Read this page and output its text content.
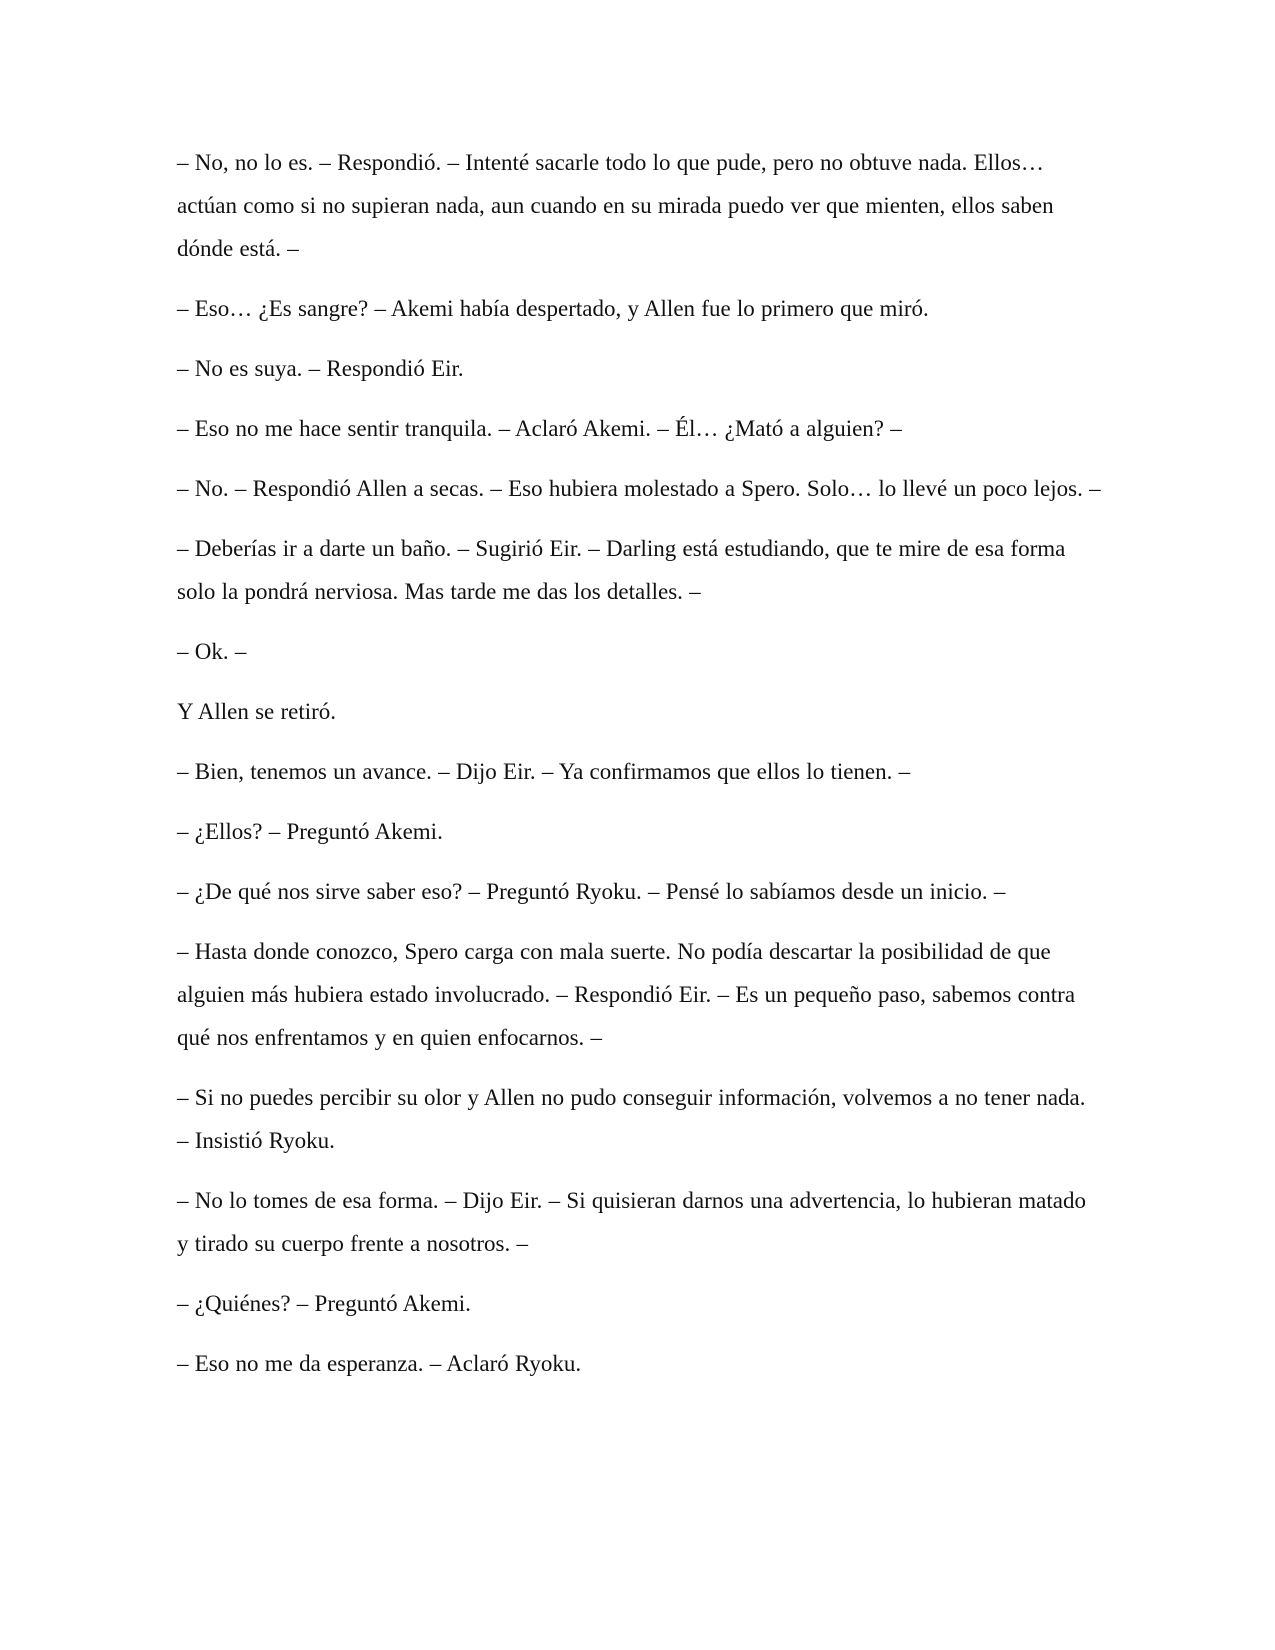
– No, no lo es. – Respondió. – Intenté sacarle todo lo que pude, pero no obtuve nada. Ellos… actúan como si no supieran nada, aun cuando en su mirada puedo ver que mienten, ellos saben dónde está. –

– Eso… ¿Es sangre? – Akemi había despertado, y Allen fue lo primero que miró.

– No es suya. – Respondió Eir.

– Eso no me hace sentir tranquila. – Aclaró Akemi. – Él… ¿Mató a alguien? –

– No. – Respondió Allen a secas. – Eso hubiera molestado a Spero. Solo… lo llevé un poco lejos. –

– Deberías ir a darte un baño. – Sugirió Eir. – Darling está estudiando, que te mire de esa forma solo la pondrá nerviosa. Mas tarde me das los detalles. –

– Ok. –

Y Allen se retiró.

– Bien, tenemos un avance. – Dijo Eir. – Ya confirmamos que ellos lo tienen. –

– ¿Ellos? – Preguntó Akemi.

– ¿De qué nos sirve saber eso? – Preguntó Ryoku. – Pensé lo sabíamos desde un inicio. –

– Hasta donde conozco, Spero carga con mala suerte. No podía descartar la posibilidad de que alguien más hubiera estado involucrado. – Respondió Eir. – Es un pequeño paso, sabemos contra qué nos enfrentamos y en quien enfocarnos. –

– Si no puedes percibir su olor y Allen no pudo conseguir información, volvemos a no tener nada. – Insistió Ryoku.

– No lo tomes de esa forma. – Dijo Eir. – Si quisieran darnos una advertencia, lo hubieran matado y tirado su cuerpo frente a nosotros. –

– ¿Quiénes? – Preguntó Akemi.

– Eso no me da esperanza. – Aclaró Ryoku.
